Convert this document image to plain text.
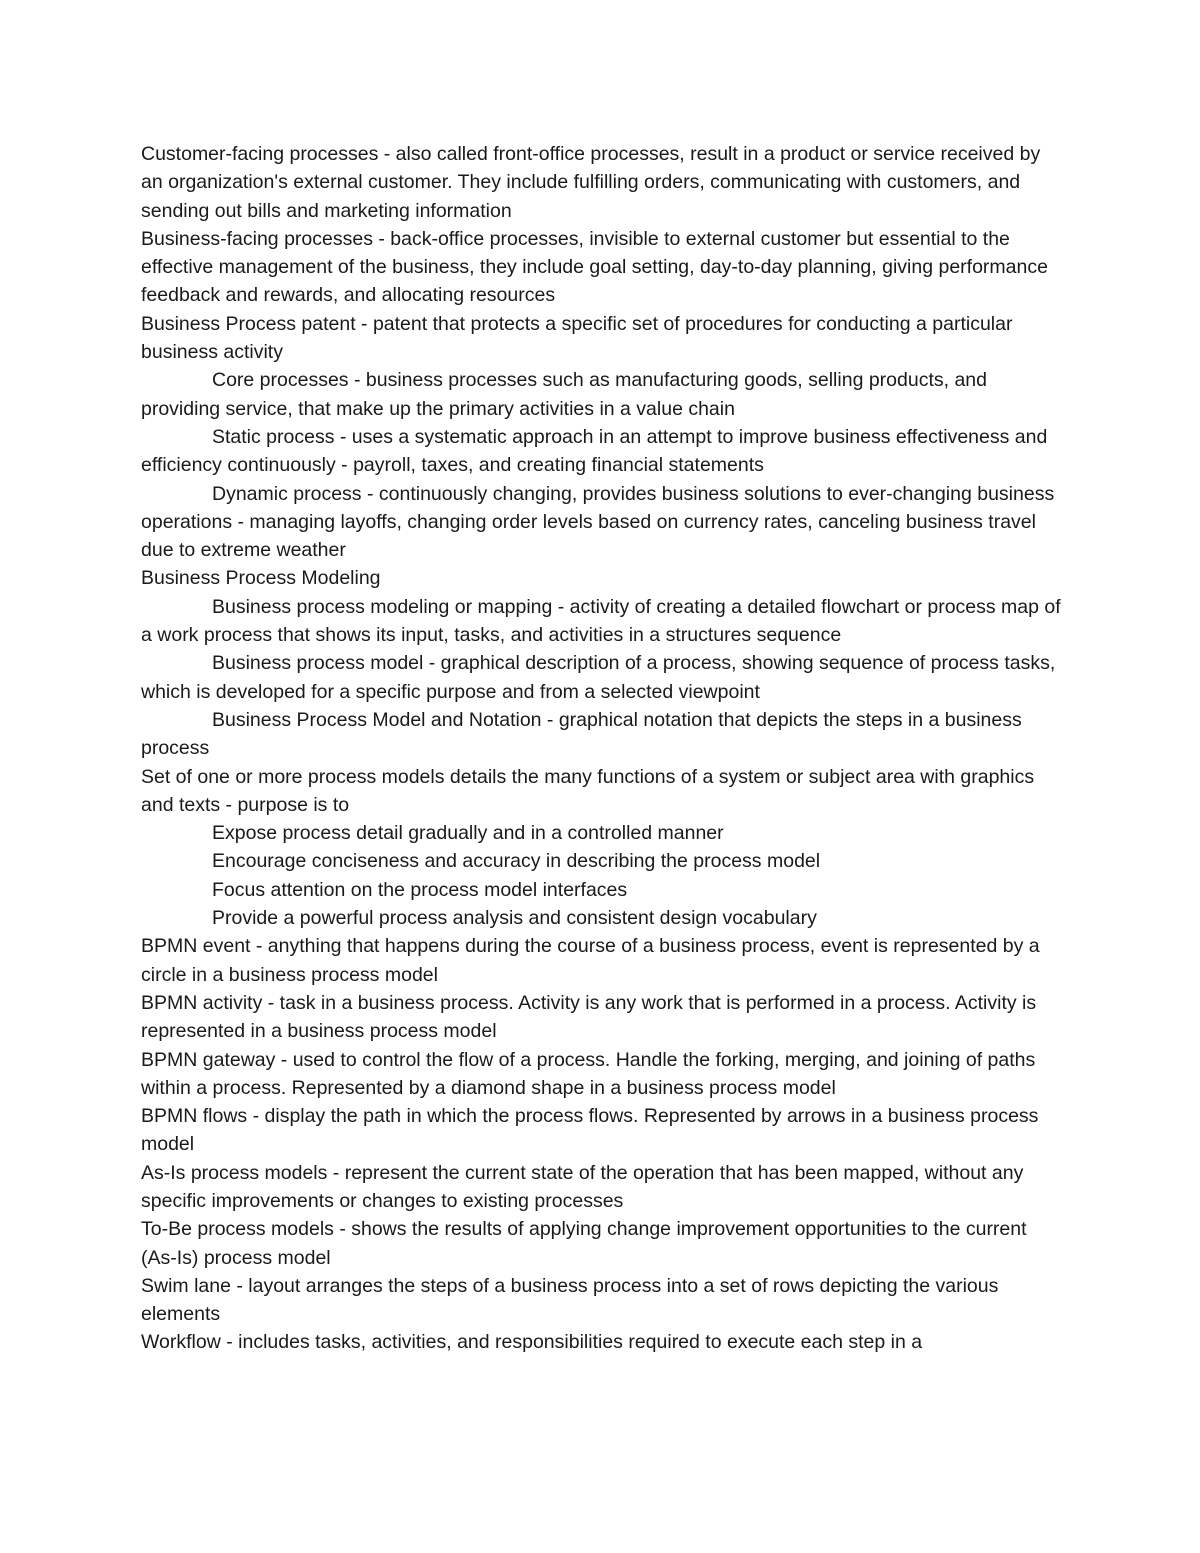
Customer-facing processes - also called front-office processes, result in a product or service received by an organization's external customer. They include fulfilling orders, communicating with customers, and sending out bills and marketing information

Business-facing processes - back-office processes, invisible to external customer but essential to the effective management of the business, they include goal setting, day-to-day planning, giving performance feedback and rewards, and allocating resources

Business Process patent - patent that protects a specific set of procedures for conducting a particular business activity

Core processes - business processes such as manufacturing goods, selling products, and providing service, that make up the primary activities in a value chain

Static process - uses a systematic approach in an attempt to improve business effectiveness and efficiency continuously - payroll, taxes, and creating financial statements

Dynamic process - continuously changing, provides business solutions to ever-changing business operations - managing layoffs, changing order levels based on currency rates, canceling business travel due to extreme weather

Business Process Modeling

Business process modeling or mapping - activity of creating a detailed flowchart or process map of a work process that shows its input, tasks, and activities in a structures sequence

Business process model - graphical description of a process, showing sequence of process tasks, which is developed for a specific purpose and from a selected viewpoint

Business Process Model and Notation - graphical notation that depicts the steps in a business process

Set of one or more process models details the many functions of a system or subject area with graphics and texts - purpose is to

Expose process detail gradually and in a controlled manner

Encourage conciseness and accuracy in describing the process model

Focus attention on the process model interfaces

Provide a powerful process analysis and consistent design vocabulary

BPMN event - anything that happens during the course of a business process, event is represented by a circle in a business process model

BPMN activity - task in a business process. Activity is any work that is performed in a process. Activity is represented in a business process model

BPMN gateway - used to control the flow of a process. Handle the forking, merging, and joining of paths within a process. Represented by a diamond shape in a business process model

BPMN flows - display the path in which the process flows. Represented by arrows in a business process model

As-Is process models - represent the current state of the operation that has been mapped, without any specific improvements or changes to existing processes

To-Be process models - shows the results of applying change improvement opportunities to the current (As-Is) process model

Swim lane - layout arranges the steps of a business process into a set of rows depicting the various elements

Workflow - includes tasks, activities, and responsibilities required to execute each step in a
